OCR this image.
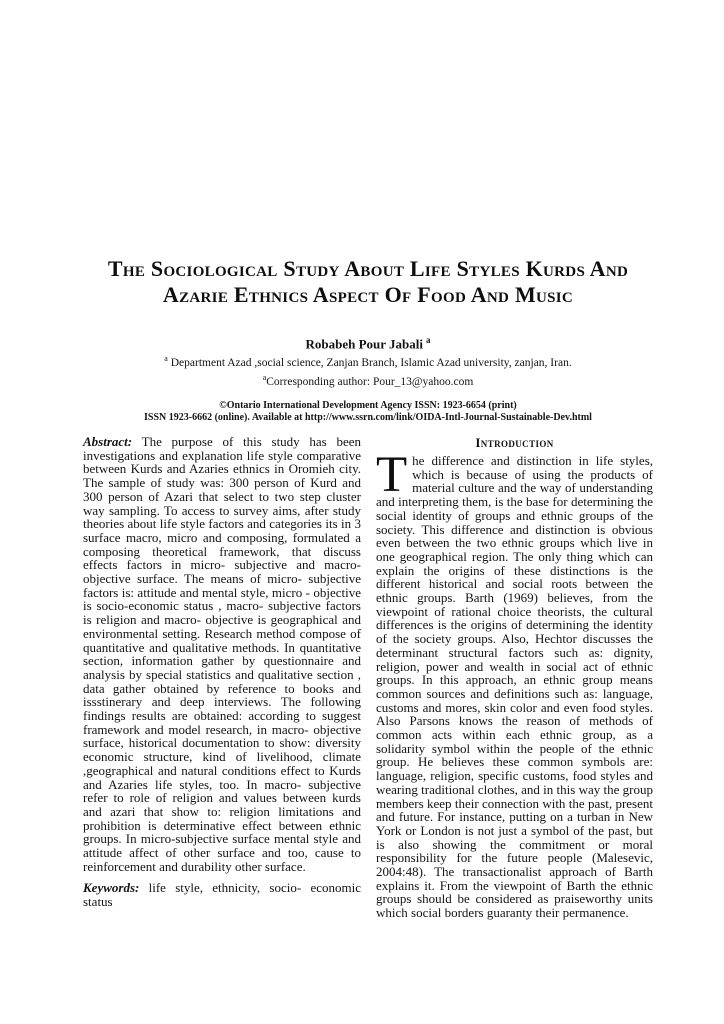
The Sociological Study About Life Styles Kurds And Azarie Ethnics Aspect Of Food And Music
Robabeh Pour Jabali $^a$
$^a$ Department Azad ,social science, Zanjan Branch, Islamic Azad university, zanjan, Iran.
$^a$Corresponding author: Pour_13@yahoo.com
©Ontario International Development Agency ISSN: 1923-6654 (print)
ISSN 1923-6662 (online). Available at http://www.ssrn.com/link/OIDA-Intl-Journal-Sustainable-Dev.html

Abstract: The purpose of this study has been investigations and explanation life style comparative between Kurds and Azaries ethnics in Oromieh city. The sample of study was: 300 person of Kurd and 300 person of Azari that select to two step cluster way sampling. To access to survey aims, after study theories about life style factors and categories its in 3 surface macro, micro and composing, formulated a composing theoretical framework, that discuss effects factors in micro- subjective and macro- objective surface. The means of micro- subjective factors is: attitude and mental style, micro - objective is socio-economic status , macro- subjective factors is religion and macro- objective is geographical and environmental setting. Research method compose of quantitative and qualitative methods. In quantitative section, information gather by questionnaire and analysis by special statistics and qualitative section , data gather obtained by reference to books and issstinerary and deep interviews. The following findings results are obtained: according to suggest framework and model research, in macro- objective surface, historical documentation to show: diversity economic structure, kind of livelihood, climate ,geographical and natural conditions effect to Kurds and Azaries life styles, too. In macro- subjective refer to role of religion and values between kurds and azari that show to: religion limitations and prohibition is determinative effect between ethnic groups. In micro-subjective surface mental style and attitude affect of other surface and too, cause to reinforcement and durability other surface.

Keywords: life style, ethnicity, socio- economic status

Introduction

The difference and distinction in life styles, which is because of using the products of material culture and the way of understanding and interpreting them, is the base for determining the social identity of groups and ethnic groups of the society. This difference and distinction is obvious even between the two ethnic groups which live in one geographical region. The only thing which can explain the origins of these distinctions is the different historical and social roots between the ethnic groups. Barth (1969) believes, from the viewpoint of rational choice theorists, the cultural differences is the origins of determining the identity of the society groups. Also, Hechtor discusses the determinant structural factors such as: dignity, religion, power and wealth in social act of ethnic groups. In this approach, an ethnic group means common sources and definitions such as: language, customs and mores, skin color and even food styles. Also Parsons knows the reason of methods of common acts within each ethnic group, as a solidarity symbol within the people of the ethnic group. He believes these common symbols are: language, religion, specific customs, food styles and wearing traditional clothes, and in this way the group members keep their connection with the past, present and future. For instance, putting on a turban in New York or London is not just a symbol of the past, but is also showing the commitment or moral responsibility for the future people (Malesevic, 2004:48). The transactionalist approach of Barth explains it. From the viewpoint of Barth the ethnic groups should be considered as praiseworthy units which social borders guaranty their permanence.
